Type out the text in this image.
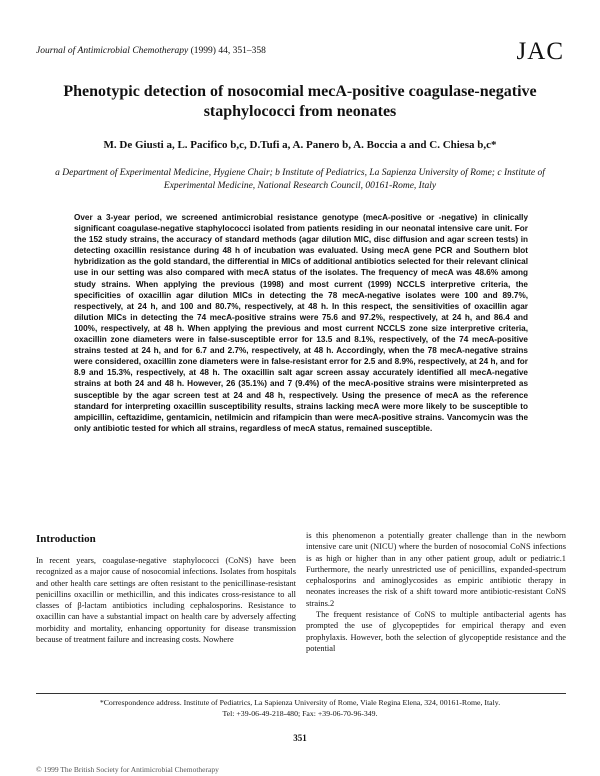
Journal of Antimicrobial Chemotherapy (1999) 44, 351–358	JAC
Phenotypic detection of nosocomial mecA-positive coagulase-negative staphylococci from neonates
M. De Giusti a, L. Pacifico b,c, D.Tufi a, A. Panero b, A. Boccia a and C. Chiesa b,c*
a Department of Experimental Medicine, Hygiene Chair; b Institute of Pediatrics, La Sapienza University of Rome; c Institute of Experimental Medicine, National Research Council, 00161-Rome, Italy
Over a 3-year period, we screened antimicrobial resistance genotype (mecA-positive or -negative) in clinically significant coagulase-negative staphylococci isolated from patients residing in our neonatal intensive care unit. For the 152 study strains, the accuracy of standard methods (agar dilution MIC, disc diffusion and agar screen tests) in detecting oxacillin resistance during 48 h of incubation was evaluated. Using mecA gene PCR and Southern blot hybridization as the gold standard, the differential in MICs of additional antibiotics selected for their relevant clinical use in our setting was also compared with mecA status of the isolates. The frequency of mecA was 48.6% among study strains. When applying the previous (1998) and most current (1999) NCCLS interpretive criteria, the specificities of oxacillin agar dilution MICs in detecting the 78 mecA-negative isolates were 100 and 89.7%, respectively, at 24 h, and 100 and 80.7%, respectively, at 48 h. In this respect, the sensitivities of oxacillin agar dilution MICs in detecting the 74 mecA-positive strains were 75.6 and 97.2%, respectively, at 24 h, and 86.4 and 100%, respectively, at 48 h. When applying the previous and most current NCCLS zone size interpretive criteria, oxacillin zone diameters were in false-susceptible error for 13.5 and 8.1%, respectively, of the 74 mecA-positive strains tested at 24 h, and for 6.7 and 2.7%, respectively, at 48 h. Accordingly, when the 78 mecA-negative strains were considered, oxacillin zone diameters were in false-resistant error for 2.5 and 8.9%, respectively, at 24 h, and for 8.9 and 15.3%, respectively, at 48 h. The oxacillin salt agar screen assay accurately identified all mecA-negative strains at both 24 and 48 h. However, 26 (35.1%) and 7 (9.4%) of the mecA-positive strains were misinterpreted as susceptible by the agar screen test at 24 and 48 h, respectively. Using the presence of mecA as the reference standard for interpreting oxacillin susceptibility results, strains lacking mecA were more likely to be susceptible to ampicillin, ceftazidime, gentamicin, netilmicin and rifampicin than were mecA-positive strains. Vancomycin was the only antibiotic tested for which all strains, regardless of mecA status, remained susceptible.
Introduction
In recent years, coagulase-negative staphylococci (CoNS) have been recognized as a major cause of nosocomial infections. Isolates from hospitals and other health care settings are often resistant to the penicillinase-resistant penicillins oxacillin or methicillin, and this indicates cross-resistance to all classes of β-lactam antibiotics including cephalosporins. Resistance to oxacillin can have a substantial impact on health care by adversely affecting morbidity and mortality, enhancing opportunity for disease transmission because of treatment failure and increasing costs. Nowhere
is this phenomenon a potentially greater challenge than in the newborn intensive care unit (NICU) where the burden of nosocomial CoNS infections is as high or higher than in any other patient group, adult or pediatric.1 Furthermore, the nearly unrestricted use of penicillins, expanded-spectrum cephalosporins and aminoglycosides as empiric antibiotic therapy in neonates increases the risk of a shift toward more antibiotic-resistant CoNS strains.2
The frequent resistance of CoNS to multiple antibacterial agents has prompted the use of glycopeptides for empirical therapy and even prophylaxis. However, both the selection of glycopeptide resistance and the potential
*Correspondence address. Institute of Pediatrics, La Sapienza University of Rome, Viale Regina Elena, 324, 00161-Rome, Italy.
Tel: +39-06-49-218-480; Fax: +39-06-70-96-349.
351
© 1999 The British Society for Antimicrobial Chemotherapy
